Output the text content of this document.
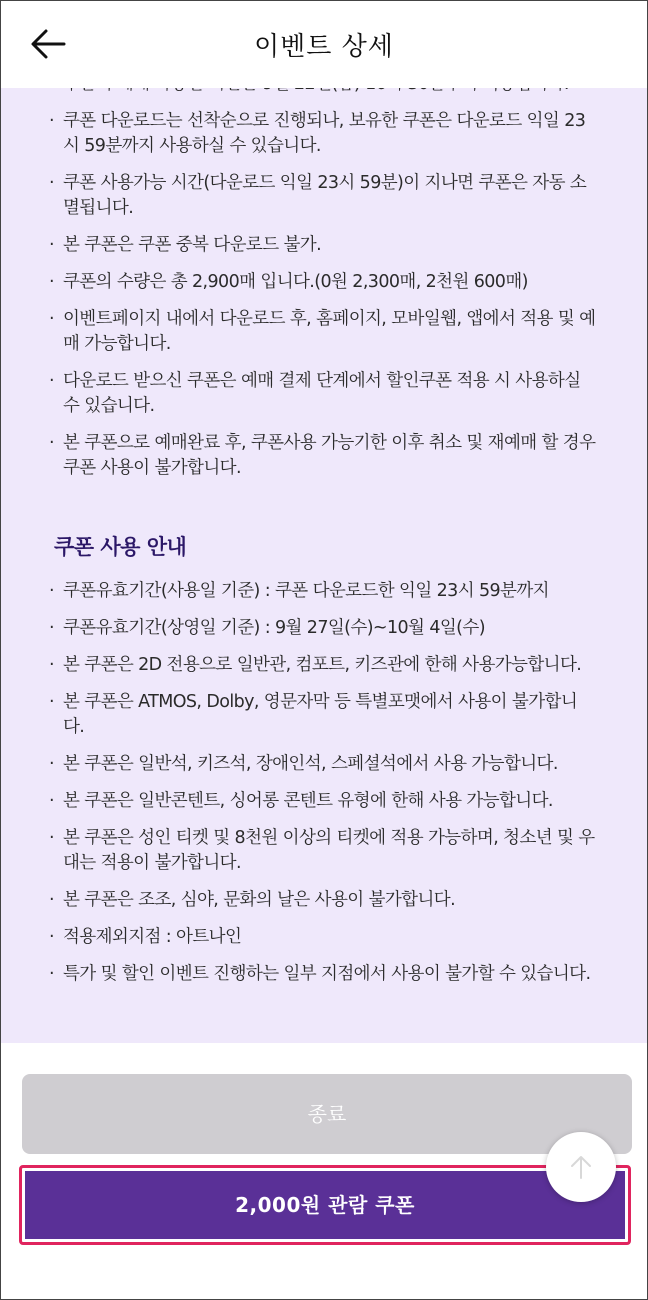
이벤트 상세
·
· 쿠폰 다운로드는 선착순으로 진행되나, 보유한 쿠폰은 다운로드 익일 23시 59분까지 사용하실 수 있습니다.
· 쿠폰 사용가능 시간(다운로드 익일 23시 59분)이 지나면 쿠폰은 자동 소멸됩니다.
· 본 쿠폰은 쿠폰 중복 다운로드 불가.
· 쿠폰의 수량은 총 2,900매 입니다.(0원 2,300매, 2천원 600매)
· 이벤트페이지 내에서 다운로드 후, 홈페이지, 모바일웹, 앱에서 적용 및 예매 가능합니다.
· 다운로드 받으신 쿠폰은 예매 결제 단계에서 할인쿠폰 적용 시 사용하실 수 있습니다.
· 본 쿠폰으로 예매완료 후, 쿠폰사용 가능기한 이후 취소 및 재예매 할 경우 쿠폰 사용이 불가합니다.
쿠폰 사용 안내
· 쿠폰유효기간(사용일 기준) : 쿠폰 다운로드한 익일 23시 59분까지
· 쿠폰유효기간(상영일 기준) : 9월 27일(수)~10월 4일(수)
· 본 쿠폰은 2D 전용으로 일반관, 컴포트, 키즈관에 한해 사용가능합니다.
· 본 쿠폰은 ATMOS, Dolby, 영문자막 등 특별포맷에서 사용이 불가합니다.
· 본 쿠폰은 일반석, 키즈석, 장애인석, 스페셜석에서 사용 가능합니다.
· 본 쿠폰은 일반콘텐트, 싱어롱 콘텐트 유형에 한해 사용 가능합니다.
· 본 쿠폰은 성인 티켓 및 8천원 이상의 티켓에 적용 가능하며, 청소년 및 우대는 적용이 불가합니다.
· 본 쿠폰은 조조, 심야, 문화의 날은 사용이 불가합니다.
· 적용제외지점 : 아트나인
· 특가 및 할인 이벤트 진행하는 일부 지점에서 사용이 불가할 수 있습니다.
종료
2,000원 관람 쿠폰
